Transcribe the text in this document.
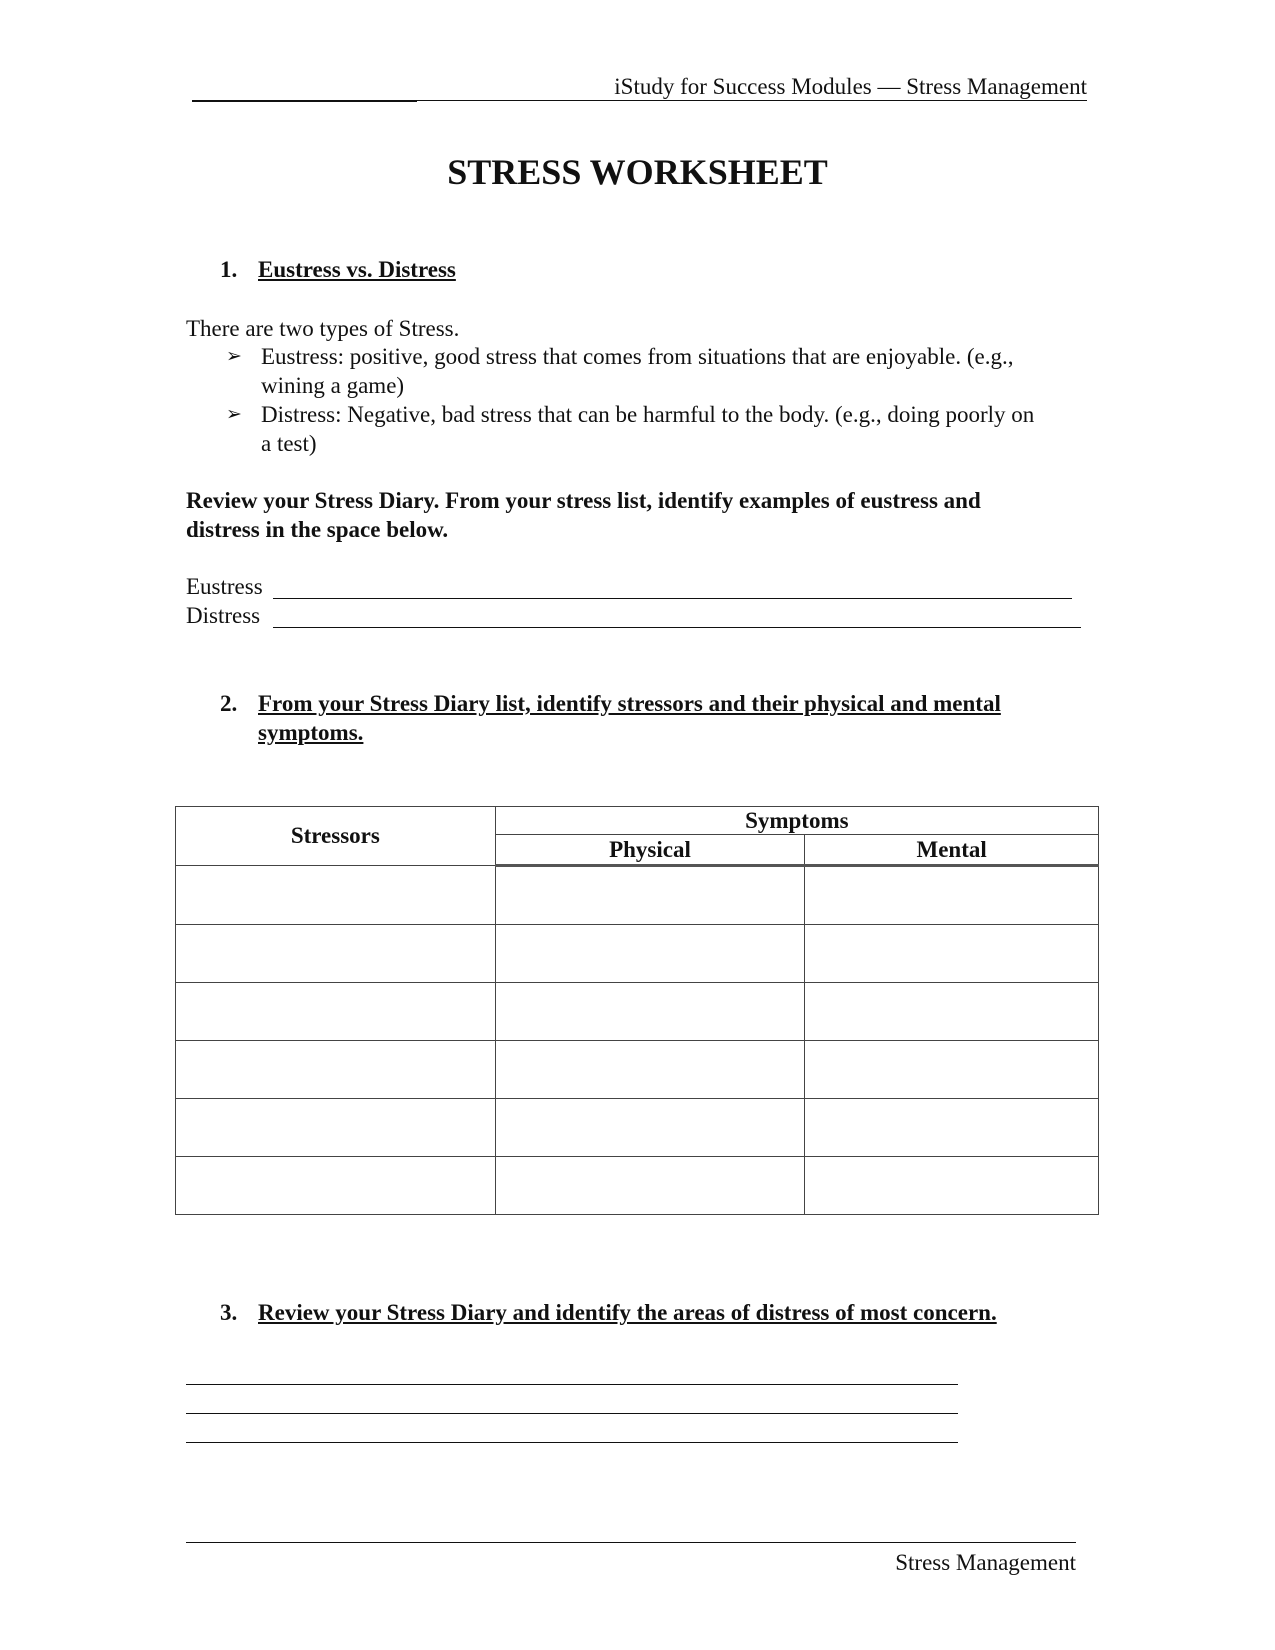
iStudy for Success Modules — Stress Management
STRESS WORKSHEET
1. Eustress vs. Distress
There are two types of Stress.
➢ Eustress: positive, good stress that comes from situations that are enjoyable. (e.g.,
wining a game)
➢ Distress: Negative, bad stress that can be harmful to the body. (e.g., doing poorly on
a test)
Review your Stress Diary. From your stress list, identify examples of eustress and
distress in the space below.
Eustress
Distress
2. From your Stress Diary list, identify stressors and their physical and mental
symptoms.
Stressors	Symptoms	
	Physical	Mental

3. Review your Stress Diary and identify the areas of distress of most concern.
Stress Management
